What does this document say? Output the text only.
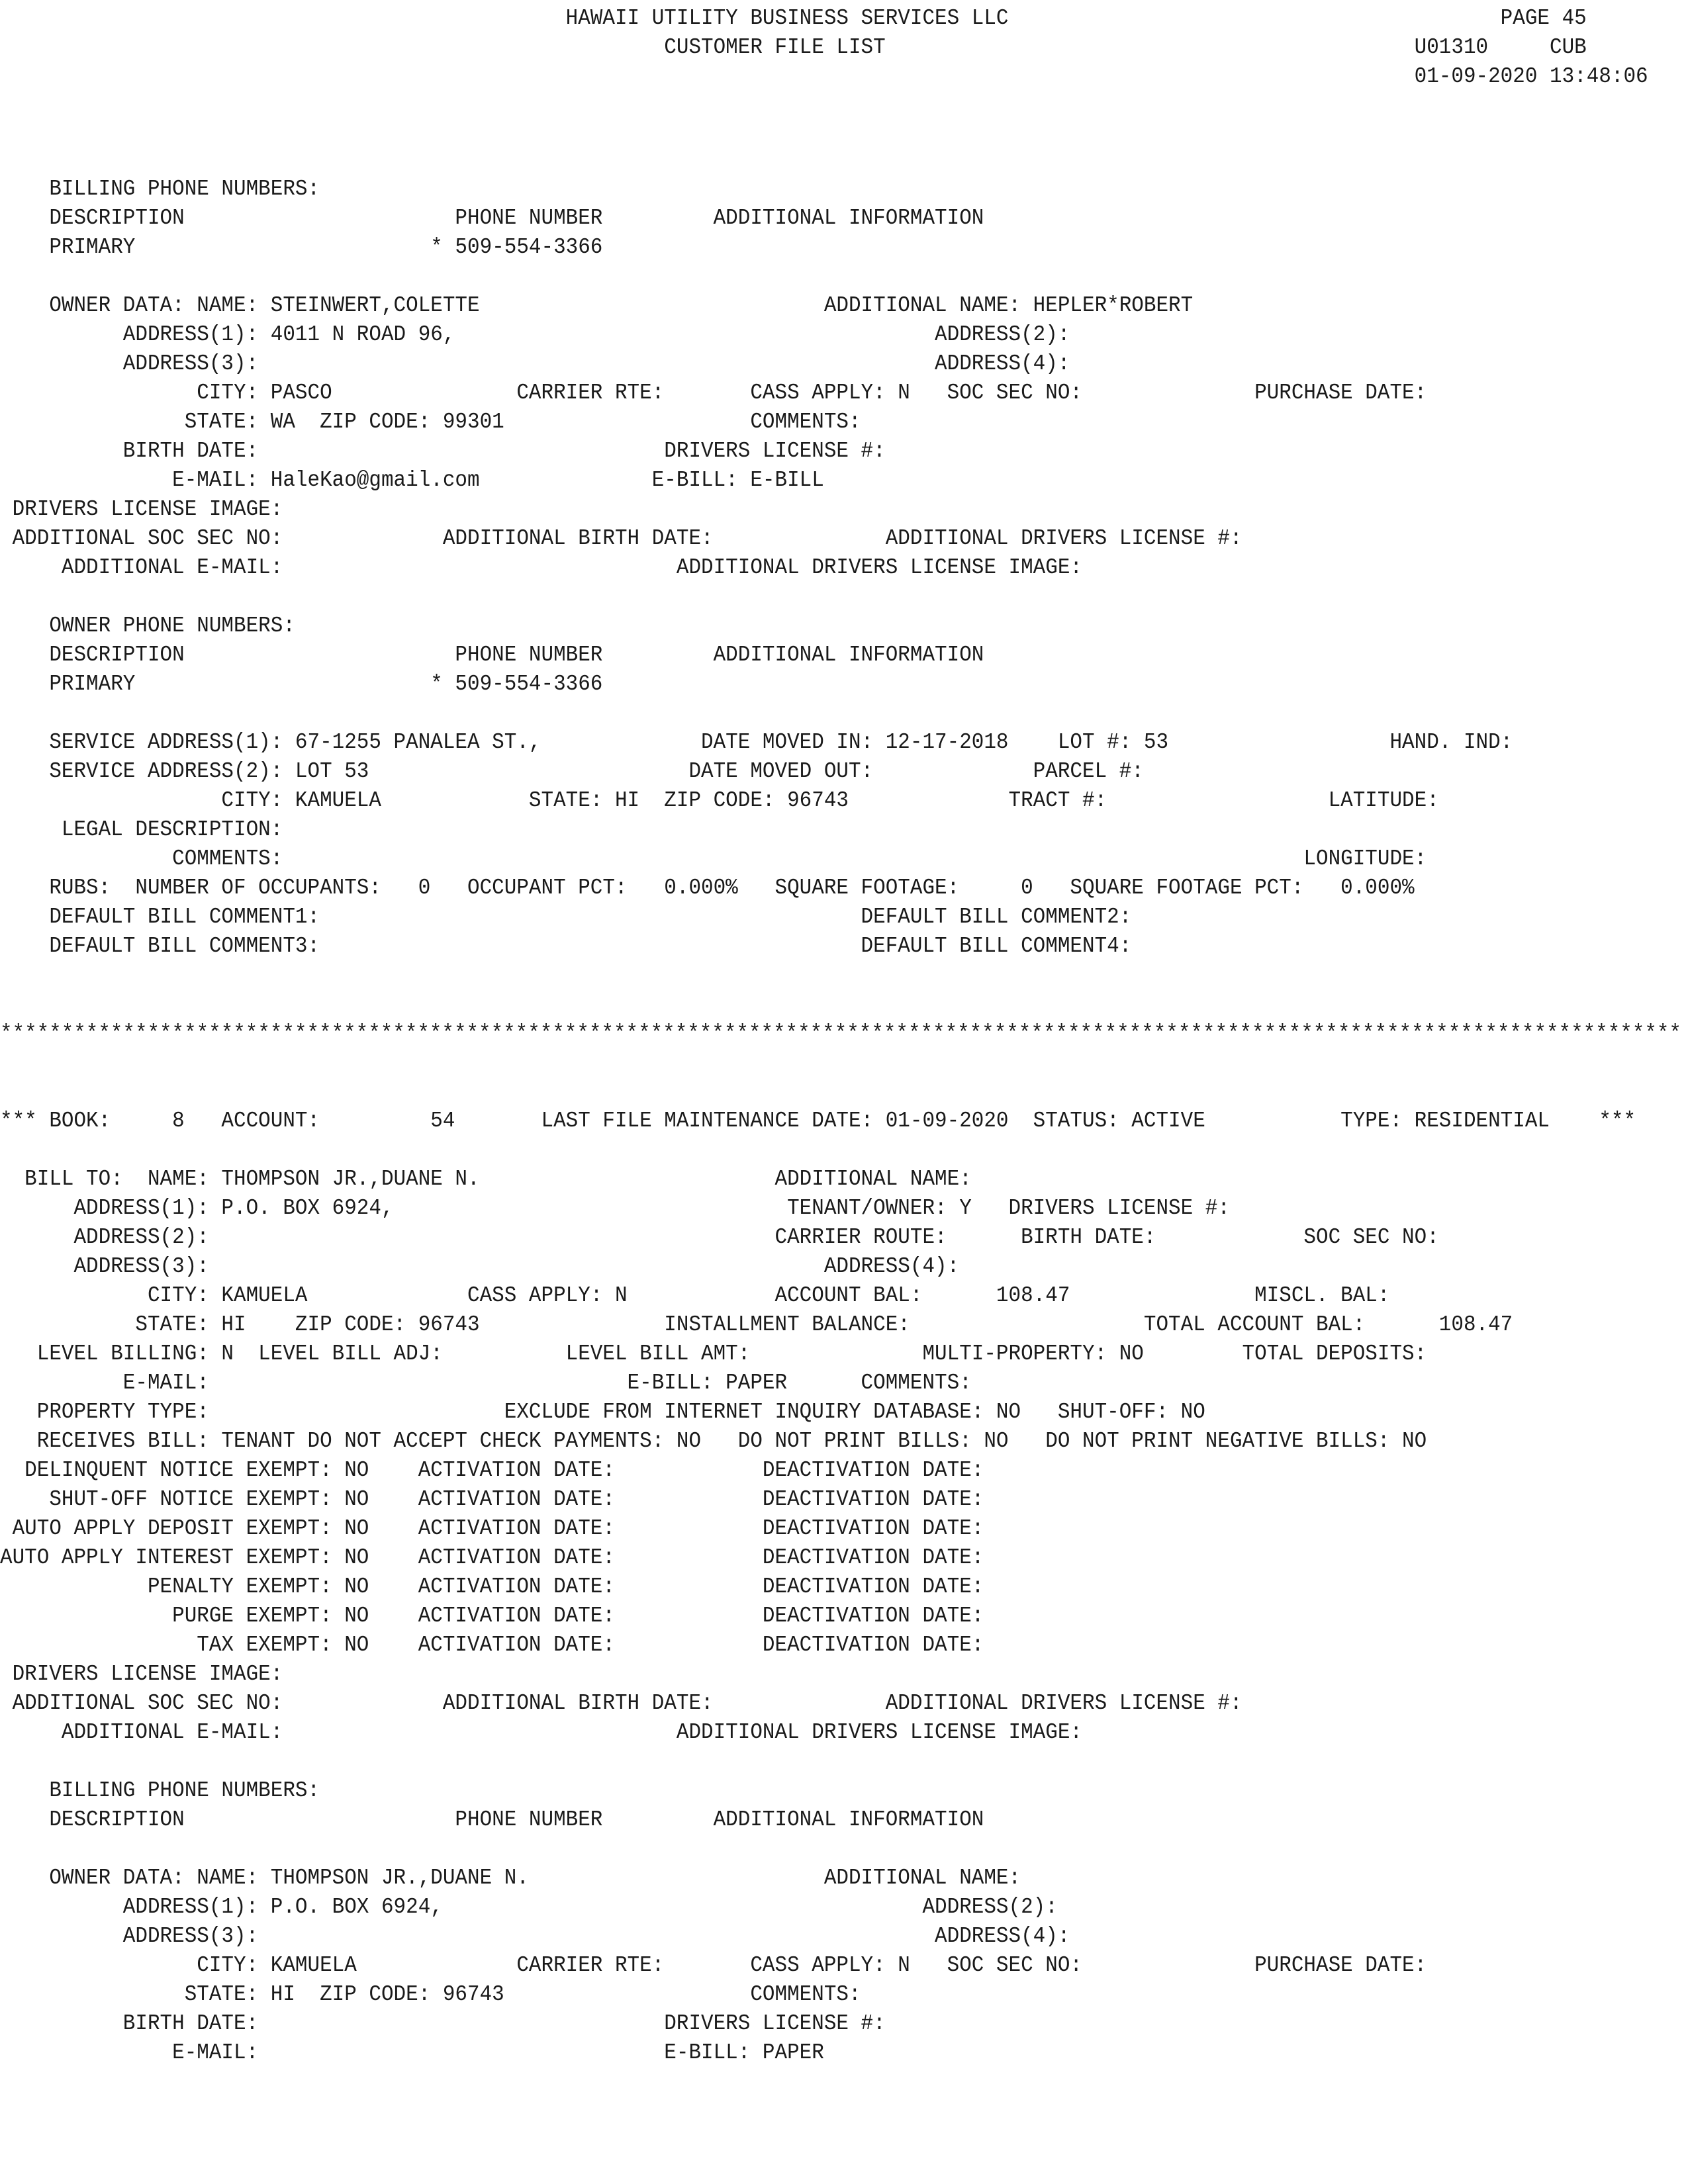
HAWAII UTILITY BUSINESS SERVICES LLC                                        PAGE 45
CUSTOMER FILE LIST                                           U01310     CUB
01-09-2020 13:48:06
BILLING PHONE NUMBERS:
DESCRIPTION                      PHONE NUMBER         ADDITIONAL INFORMATION
PRIMARY                        * 509-554-3366
OWNER DATA: NAME: STEINWERT,COLETTE                            ADDITIONAL NAME: HEPLER*ROBERT
ADDRESS(1): 4011 N ROAD 96,                                       ADDRESS(2):
ADDRESS(3):                                                       ADDRESS(4):
CITY: PASCO               CARRIER RTE:       CASS APPLY: N   SOC SEC NO:              PURCHASE DATE:
STATE: WA  ZIP CODE: 99301                    COMMENTS:
BIRTH DATE:                                 DRIVERS LICENSE #:
E-MAIL: HaleKao@gmail.com              E-BILL: E-BILL
DRIVERS LICENSE IMAGE:
ADDITIONAL SOC SEC NO:             ADDITIONAL BIRTH DATE:              ADDITIONAL DRIVERS LICENSE #:
ADDITIONAL E-MAIL:                                ADDITIONAL DRIVERS LICENSE IMAGE:
OWNER PHONE NUMBERS:
DESCRIPTION                      PHONE NUMBER         ADDITIONAL INFORMATION
PRIMARY                        * 509-554-3366
SERVICE ADDRESS(1): 67-1255 PANALEA ST.,             DATE MOVED IN: 12-17-2018    LOT #: 53                  HAND. IND:
SERVICE ADDRESS(2): LOT 53                          DATE MOVED OUT:             PARCEL #:
CITY: KAMUELA            STATE: HI  ZIP CODE: 96743             TRACT #:                  LATITUDE:
LEGAL DESCRIPTION:
COMMENTS:                                                                                   LONGITUDE:
RUBS:  NUMBER OF OCCUPANTS:   0   OCCUPANT PCT:   0.000%   SQUARE FOOTAGE:     0   SQUARE FOOTAGE PCT:   0.000%
DEFAULT BILL COMMENT1:                                            DEFAULT BILL COMMENT2:
DEFAULT BILL COMMENT3:                                            DEFAULT BILL COMMENT4:
*****************************************************************************************************************************************
*** BOOK:     8   ACCOUNT:         54       LAST FILE MAINTENANCE DATE: 01-09-2020  STATUS: ACTIVE           TYPE: RESIDENTIAL    ***
BILL TO:  NAME: THOMPSON JR.,DUANE N.                        ADDITIONAL NAME:
ADDRESS(1): P.O. BOX 6924,                                TENANT/OWNER: Y   DRIVERS LICENSE #:
ADDRESS(2):                                              CARRIER ROUTE:      BIRTH DATE:            SOC SEC NO:
ADDRESS(3):                                                  ADDRESS(4):
CITY: KAMUELA             CASS APPLY: N            ACCOUNT BAL:      108.47               MISCL. BAL:
STATE: HI    ZIP CODE: 96743               INSTALLMENT BALANCE:                   TOTAL ACCOUNT BAL:      108.47
LEVEL BILLING: N  LEVEL BILL ADJ:          LEVEL BILL AMT:              MULTI-PROPERTY: NO        TOTAL DEPOSITS:
E-MAIL:                                  E-BILL: PAPER      COMMENTS:
PROPERTY TYPE:                        EXCLUDE FROM INTERNET INQUIRY DATABASE: NO   SHUT-OFF: NO
RECEIVES BILL: TENANT DO NOT ACCEPT CHECK PAYMENTS: NO   DO NOT PRINT BILLS: NO   DO NOT PRINT NEGATIVE BILLS: NO
DELINQUENT NOTICE EXEMPT: NO    ACTIVATION DATE:            DEACTIVATION DATE:
SHUT-OFF NOTICE EXEMPT: NO    ACTIVATION DATE:            DEACTIVATION DATE:
AUTO APPLY DEPOSIT EXEMPT: NO    ACTIVATION DATE:            DEACTIVATION DATE:
AUTO APPLY INTEREST EXEMPT: NO    ACTIVATION DATE:            DEACTIVATION DATE:
PENALTY EXEMPT: NO    ACTIVATION DATE:            DEACTIVATION DATE:
PURGE EXEMPT: NO    ACTIVATION DATE:            DEACTIVATION DATE:
TAX EXEMPT: NO    ACTIVATION DATE:            DEACTIVATION DATE:
DRIVERS LICENSE IMAGE:
ADDITIONAL SOC SEC NO:             ADDITIONAL BIRTH DATE:              ADDITIONAL DRIVERS LICENSE #:
ADDITIONAL E-MAIL:                                ADDITIONAL DRIVERS LICENSE IMAGE:
BILLING PHONE NUMBERS:
DESCRIPTION                      PHONE NUMBER         ADDITIONAL INFORMATION
OWNER DATA: NAME: THOMPSON JR.,DUANE N.                        ADDITIONAL NAME:
ADDRESS(1): P.O. BOX 6924,                                       ADDRESS(2):
ADDRESS(3):                                                       ADDRESS(4):
CITY: KAMUELA             CARRIER RTE:       CASS APPLY: N   SOC SEC NO:              PURCHASE DATE:
STATE: HI  ZIP CODE: 96743                    COMMENTS:
BIRTH DATE:                                 DRIVERS LICENSE #:
E-MAIL:                                 E-BILL: PAPER
